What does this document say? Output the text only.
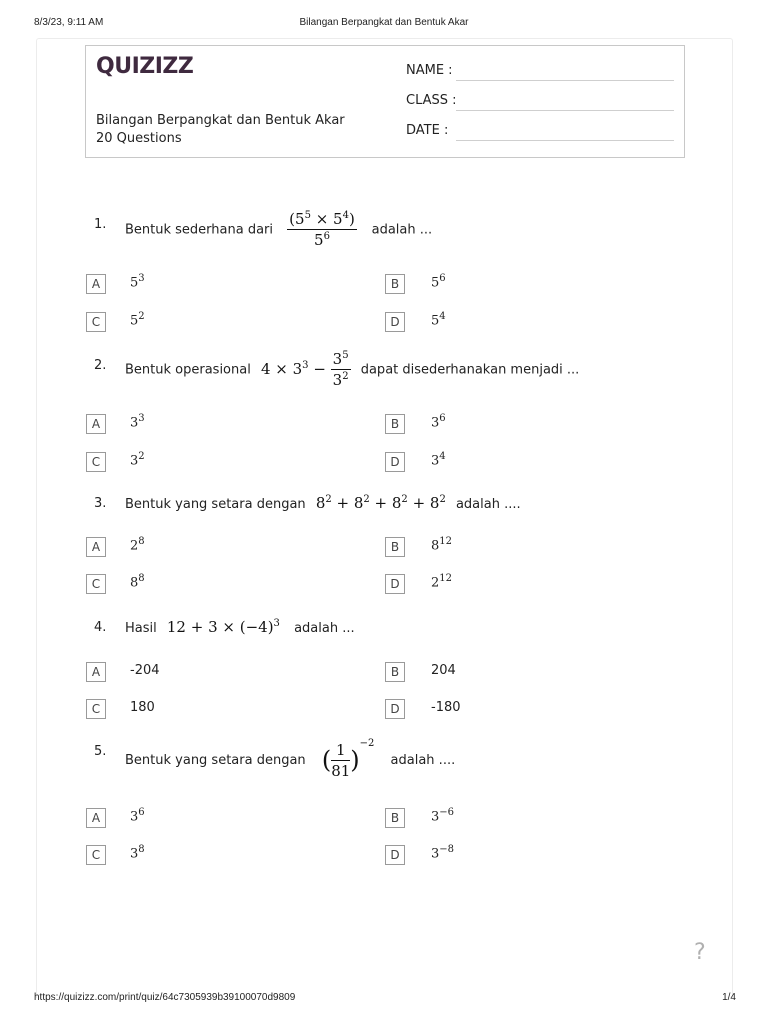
8/3/23, 9:11 AM	Bilangan Berpangkat dan Bentuk Akar
QUIZIZZ
Bilangan Berpangkat dan Bentuk Akar
20 Questions
NAME :
CLASS :
DATE :
1. Bentuk sederhana dari $\frac{(5^5 \times 5^4)}{5^6}$ adalah ...
2. Bentuk operasional $4 \times 3^3 - \frac{3^5}{3^2}$ dapat disederhanakan menjadi ...
3. Bentuk yang setara dengan $8^2 + 8^2 + 8^2 + 8^2$ adalah ....
4. Hasil $12 + 3 \times (-4)^3$ adalah ...
5.
Bentuk yang setara dengan ( $\frac{1}{81} )^{-2}$ adalah ....
A	$5^3$	B	$5^6$
C	$5^2$	D	$5^4$
A	$3^3$	B	$3^6$
C	$3^2$	D	$3^4$
A	$2^8$	B	$8^{12}$
C	$8^8$	D	$2^{12}$
A	-204	B	204
C	180	D	-180
A	$3^6$	B	$3^{-6}$
C	$3^8$	D	$3^{-8}$
?
https://quizizz.com/print/quiz/64c7305939b39100070d9809	1/4
